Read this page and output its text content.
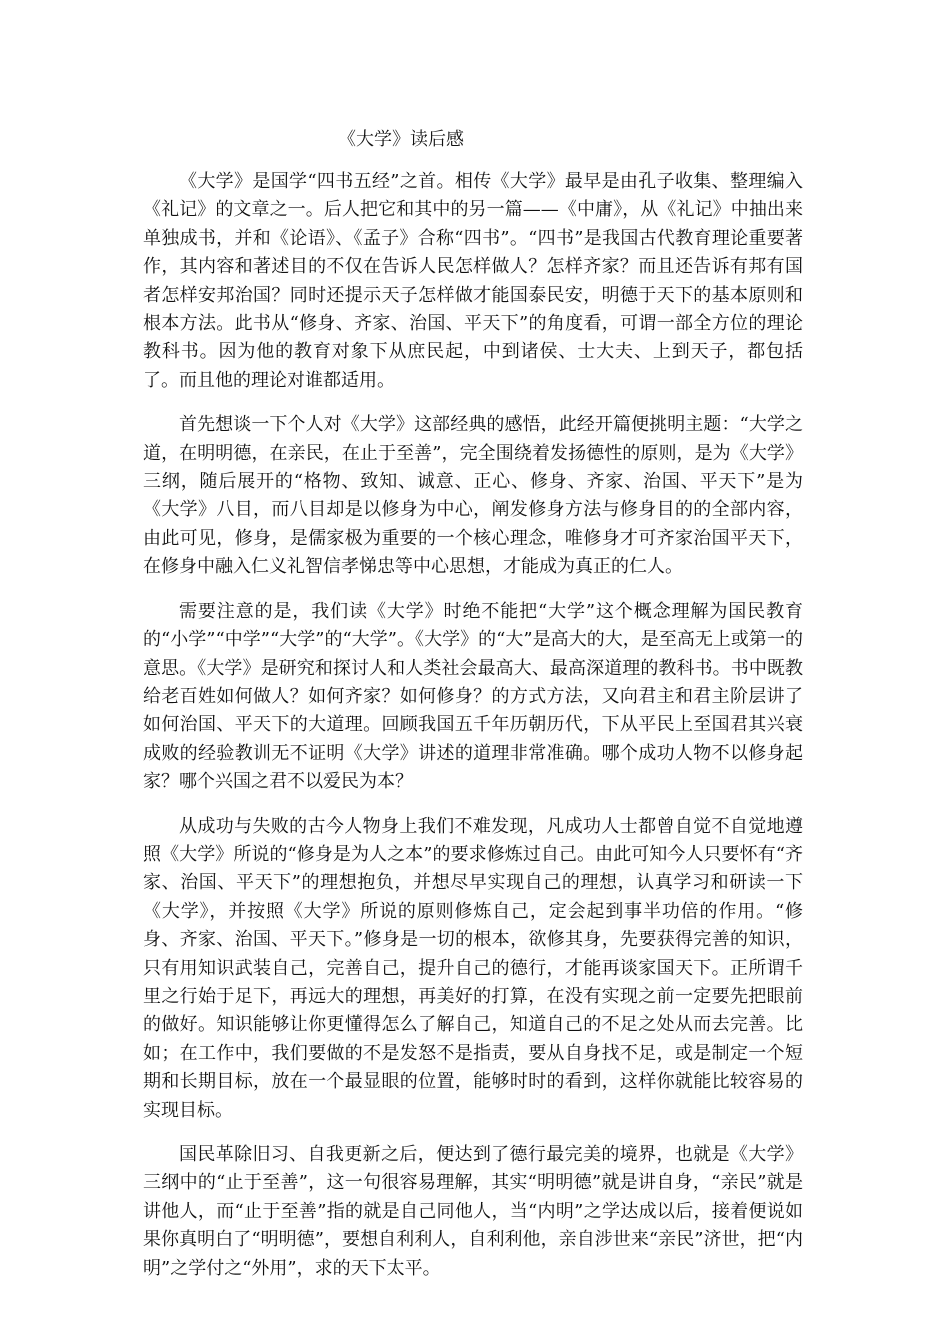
《大学》读后感

《大学》是国学“四书五经”之首。相传《大学》最早是由孔子收集、整理编入《礼记》的文章之一。后人把它和其中的另一篇——《中庸》，从《礼记》中抽出来单独成书，并和《论语》、《孟子》合称“四书”。“四书”是我国古代教育理论重要著作，其内容和著述目的不仅在告诉人民怎样做人？怎样齐家？而且还告诉有邦有国者怎样安邦治国？同时还提示天子怎样做才能国泰民安，明德于天下的基本原则和根本方法。此书从“修身、齐家、治国、平天下”的角度看，可谓一部全方位的理论教科书。因为他的教育对象下从庶民起，中到诸侯、士大夫、上到天子，都包括了。而且他的理论对谁都适用。

首先想谈一下个人对《大学》这部经典的感悟，此经开篇便挑明主题：“大学之道，在明明德，在亲民，在止于至善”，完全围绕着发扬德性的原则，是为《大学》三纲，随后展开的“格物、致知、诚意、正心、修身、齐家、治国、平天下”是为《大学》八目，而八目却是以修身为中心，阐发修身方法与修身目的的全部内容，由此可见，修身，是儒家极为重要的一个核心理念，唯修身才可齐家治国平天下，在修身中融入仁义礼智信孝悌忠等中心思想，才能成为真正的仁人。

需要注意的是，我们读《大学》时绝不能把“大学”这个概念理解为国民教育的“小学”“中学”“大学”的“大学”。《大学》的“大”是高大的大，是至高无上或第一的意思。《大学》是研究和探讨人和人类社会最高大、最高深道理的教科书。书中既教给老百姓如何做人？如何齐家？如何修身？的方式方法，又向君主和君主阶层讲了如何治国、平天下的大道理。回顾我国五千年历朝历代，下从平民上至国君其兴衰成败的经验教训无不证明《大学》讲述的道理非常准确。哪个成功人物不以修身起家？哪个兴国之君不以爱民为本？

从成功与失败的古今人物身上我们不难发现，凡成功人士都曾自觉不自觉地遵照《大学》所说的“修身是为人之本”的要求修炼过自己。由此可知今人只要怀有“齐家、治国、平天下”的理想抱负，并想尽早实现自己的理想，认真学习和研读一下《大学》，并按照《大学》所说的原则修炼自己，定会起到事半功倍的作用。“修身、齐家、治国、平天下。”修身是一切的根本，欲修其身，先要获得完善的知识，只有用知识武装自己，完善自己，提升自己的德行，才能再谈家国天下。正所谓千里之行始于足下，再远大的理想，再美好的打算，在没有实现之前一定要先把眼前的做好。知识能够让你更懂得怎么了解自己，知道自己的不足之处从而去完善。比如；在工作中，我们要做的不是发怒不是指责，要从自身找不足，或是制定一个短期和长期目标，放在一个最显眼的位置，能够时时的看到，这样你就能比较容易的实现目标。

国民革除旧习、自我更新之后，便达到了德行最完美的境界，也就是《大学》三纲中的“止于至善”，这一句很容易理解，其实“明明德”就是讲自身，“亲民”就是讲他人，而“止于至善”指的就是自己同他人，当“内明”之学达成以后，接着便说如果你真明白了“明明德”，要想自利利人，自利利他，亲自涉世来“亲民”济世，把“内明”之学付之“外用”，求的天下太平。
